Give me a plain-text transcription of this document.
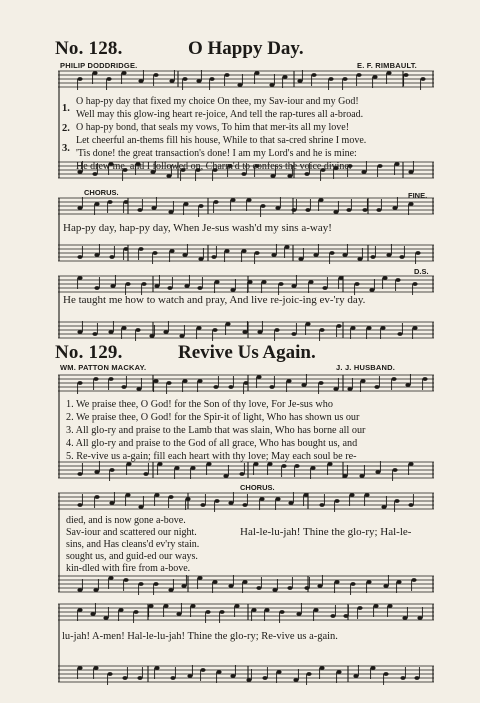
No. 128.	O Happy Day.
PHILIP DODDRIDGE.	E. F. RIMBAULT.
1.
2.
3.
O hap-py day that fixed my choice On thee, my Sav-iour and my God!
Well may this glow-ing heart re-joice, And tell the rap-tures all a-broad.
O hap-py bond, that seals my vows, To him that mer-its all my love!
Let cheerful an-thems fill his house, While to that sa-cred shrine I move.
'Tis done! the great transaction's done! I am my Lord's and he is mine:
He drew me, and I followed on, Charm'd to confess the voice divine.
CHORUS.	FINE.
Hap-py day, hap-py day, When Je-sus wash'd my sins a-way!
D.S.
He taught me how to watch and pray, And live re-joic-ing ev-'ry day.
No. 129.	Revive Us Again.
WM. PATTON MACKAY.	J. J. HUSBAND.
1. We praise thee, O God! for the Son of thy love, For Je-sus who
2. We praise thee, O God! for the Spir-it of light, Who has shown us our
3. All glo-ry and praise to the Lamb that was slain, Who has borne all our
4. All glo-ry and praise to the God of all grace, Who has bought us, and
5. Re-vive us a-gain; fill each heart with thy love; May each soul be re-
CHORUS.
died, and is now gone a-bove.
Sav-iour and scattered our night.
sins, and Has cleans'd ev'ry stain.
sought us, and guid-ed our ways.
kin-dled with fire from a-bove.
Hal-le-lu-jah! Thine the glo-ry; Hal-le-
lu-jah! A-men! Hal-le-lu-jah! Thine the glo-ry; Re-vive us a-gain.
